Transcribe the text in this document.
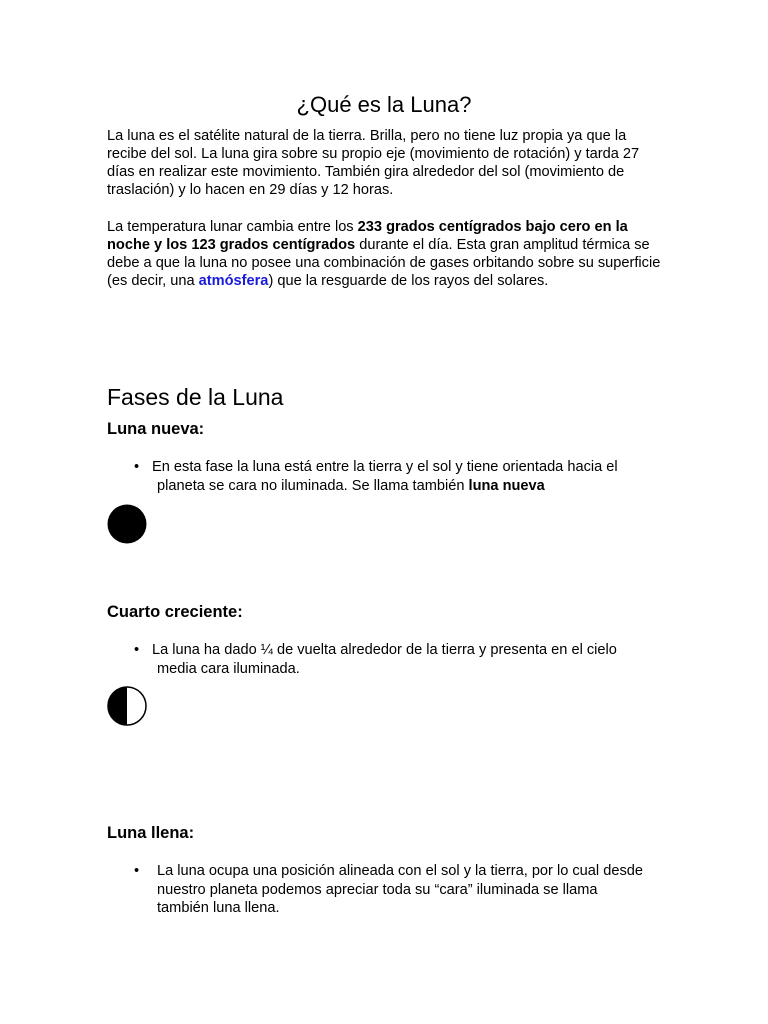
¿Qué es la Luna?

La luna es el satélite natural de la tierra. Brilla, pero no tiene luz propia ya que la recibe del sol. La luna gira sobre su propio eje (movimiento de rotación) y tarda 27 días en realizar este movimiento. También gira alrededor del sol (movimiento de traslación) y lo hacen en 29 días y 12 horas.

La temperatura lunar cambia entre los 233 grados centígrados bajo cero en la noche y los 123 grados centígrados durante el día. Esta gran amplitud térmica se debe a que la luna no posee una combinación de gases orbitando sobre su superficie (es decir, una atmósfera) que la resguarde de los rayos del solares.

Fases de la Luna
Luna nueva:
• En esta fase la luna está entre la tierra y el sol y tiene orientada hacia el
planeta se cara no iluminada. Se llama también luna nueva
Cuarto creciente:
• La luna ha dado ¼ de vuelta alrededor de la tierra y presenta en el cielo
media cara iluminada.
Luna llena:
• La luna ocupa una posición alineada con el sol y la tierra, por lo cual desde
nuestro planeta podemos apreciar toda su “cara” iluminada se llama
también luna llena.
